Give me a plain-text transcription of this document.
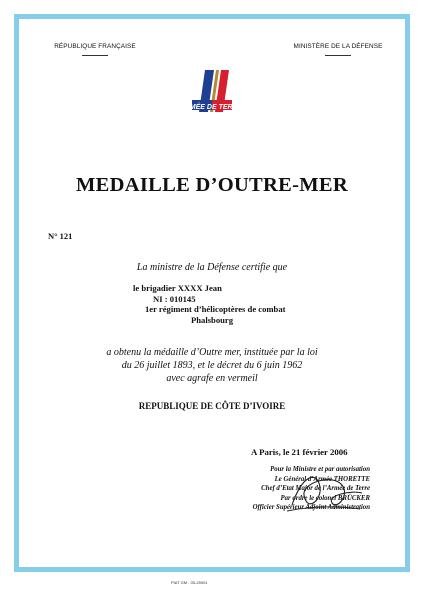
RÉPUBLIQUE FRANÇAISE	MINISTÈRE DE LA DÉFENSE
ARMÉE DE TERRE
MEDAILLE D’OUTRE-MER
N° 121
La ministre de la Défense certifie que
le brigadier XXXX Jean
NI : 010145
1er régiment d’hélicoptères de combat
Phalsbourg
a obtenu la médaille d’Outre mer, instituée par la loi
du 26 juillet 1893, et le décret du 6 juin 1962
avec agrafe en vermeil
REPUBLIQUE DE CÔTE D’IVOIRE
A Paris, le 21 février 2006
Pour la Ministre et par autorisation
Le Général d’Armée THORETTE
Chef d’Etat Major de l’Armée de Terre
Par ordre le colonel BRÜCKER
Officier Supérieur Adjoint Administration
PIAT GM - 05-25901
